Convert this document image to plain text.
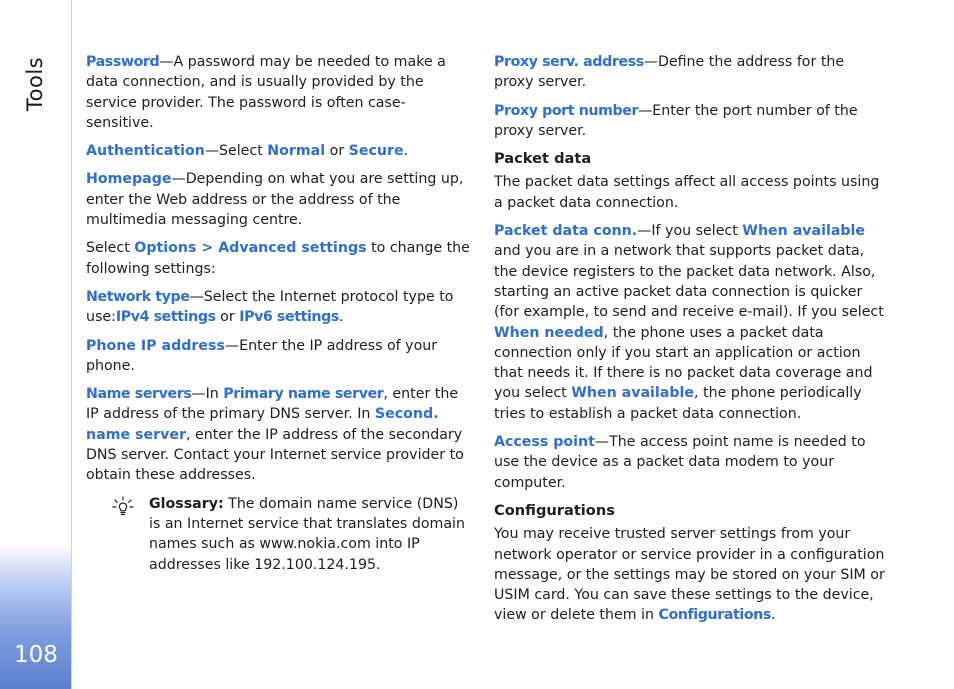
Tools
108

Password—A password may be needed to make a data connection, and is usually provided by the service provider. The password is often case-sensitive.

Authentication—Select Normal or Secure.

Homepage—Depending on what you are setting up, enter the Web address or the address of the multimedia messaging centre.

Select Options > Advanced settings to change the following settings:

Network type—Select the Internet protocol type to use:IPv4 settings or IPv6 settings.

Phone IP address—Enter the IP address of your phone.

Name servers—In Primary name server, enter the IP address of the primary DNS server. In Second. name server, enter the IP address of the secondary DNS server. Contact your Internet service provider to obtain these addresses.

Glossary: The domain name service (DNS) is an Internet service that translates domain names such as www.nokia.com into IP addresses like 192.100.124.195.

Proxy serv. address—Define the address for the proxy server.

Proxy port number—Enter the port number of the proxy server.

Packet data

The packet data settings affect all access points using a packet data connection.

Packet data conn.—If you select When available and you are in a network that supports packet data, the device registers to the packet data network. Also, starting an active packet data connection is quicker (for example, to send and receive e-mail). If you select When needed, the phone uses a packet data connection only if you start an application or action that needs it. If there is no packet data coverage and you select When available, the phone periodically tries to establish a packet data connection.

Access point—The access point name is needed to use the device as a packet data modem to your computer.

Configurations

You may receive trusted server settings from your network operator or service provider in a configuration message, or the settings may be stored on your SIM or USIM card. You can save these settings to the device, view or delete them in Configurations.
